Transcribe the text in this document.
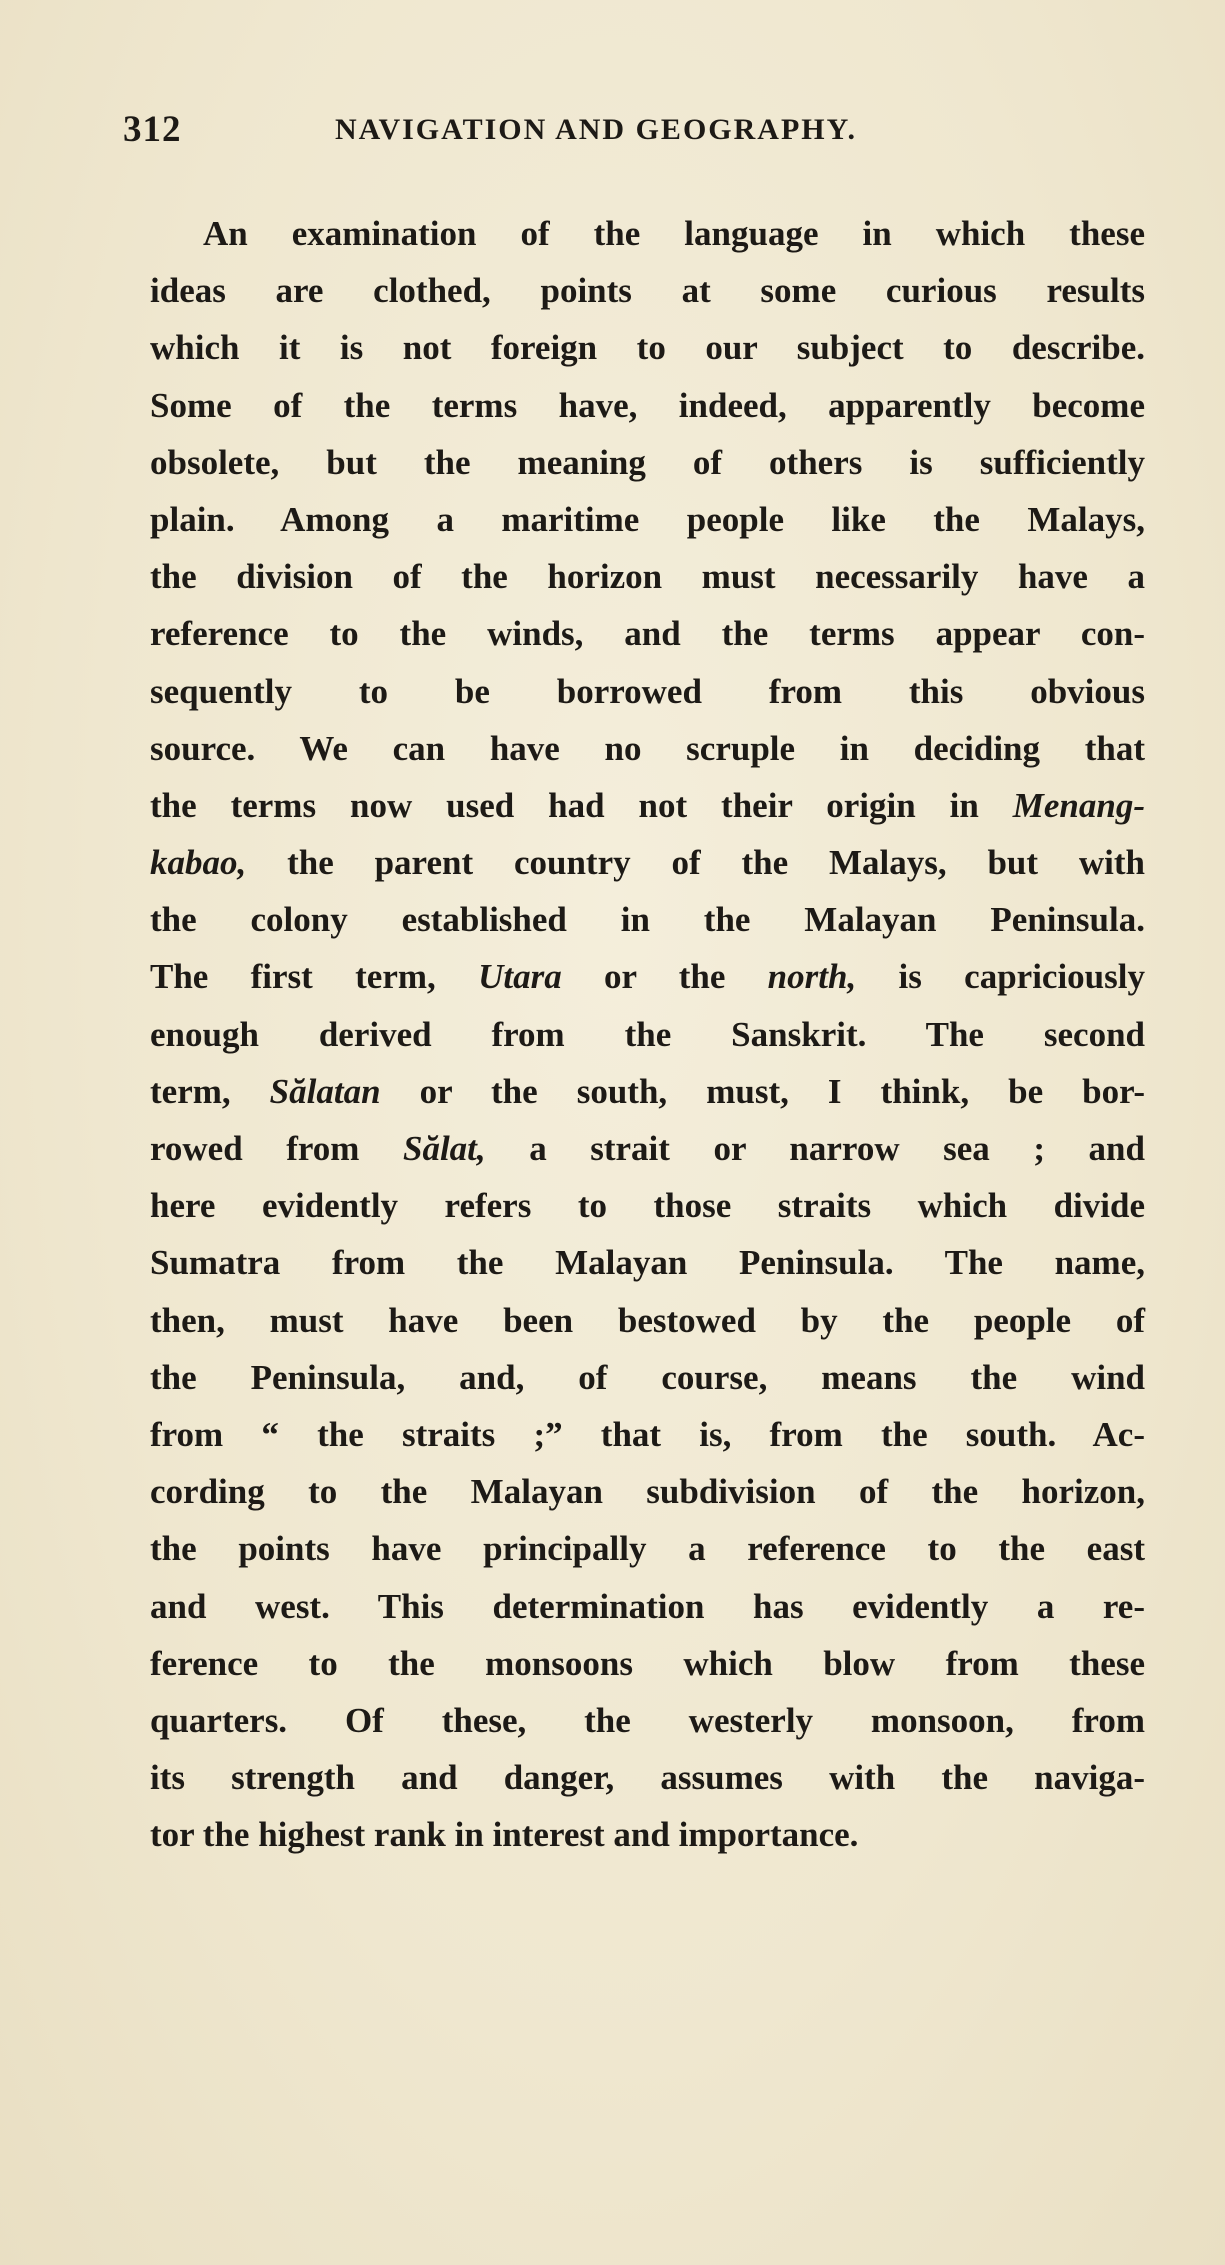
312	NAVIGATION AND GEOGRAPHY.
An examination of the language in which these
ideas are clothed, points at some curious results
which it is not foreign to our subject to describe.
Some of the terms have, indeed, apparently become
obsolete, but the meaning of others is sufficiently
plain. Among a maritime people like the Malays,
the division of the horizon must necessarily have a
reference to the winds, and the terms appear con-
sequently to be borrowed from this obvious
source. We can have no scruple in deciding that
the terms now used had not their origin in Menang-
kabao, the parent country of the Malays, but with
the colony established in the Malayan Peninsula.
The first term, Utara or the north, is capriciously
enough derived from the Sanskrit. The second
term, Sălatan or the south, must, I think, be bor-
rowed from Sălat, a strait or narrow sea ; and
here evidently refers to those straits which divide
Sumatra from the Malayan Peninsula. The name,
then, must have been bestowed by the people of
the Peninsula, and, of course, means the wind
from “ the straits ;” that is, from the south. Ac-
cording to the Malayan subdivision of the horizon,
the points have principally a reference to the east
and west. This determination has evidently a re-
ference to the monsoons which blow from these
quarters. Of these, the westerly monsoon, from
its strength and danger, assumes with the naviga-
tor the highest rank in interest and importance.
